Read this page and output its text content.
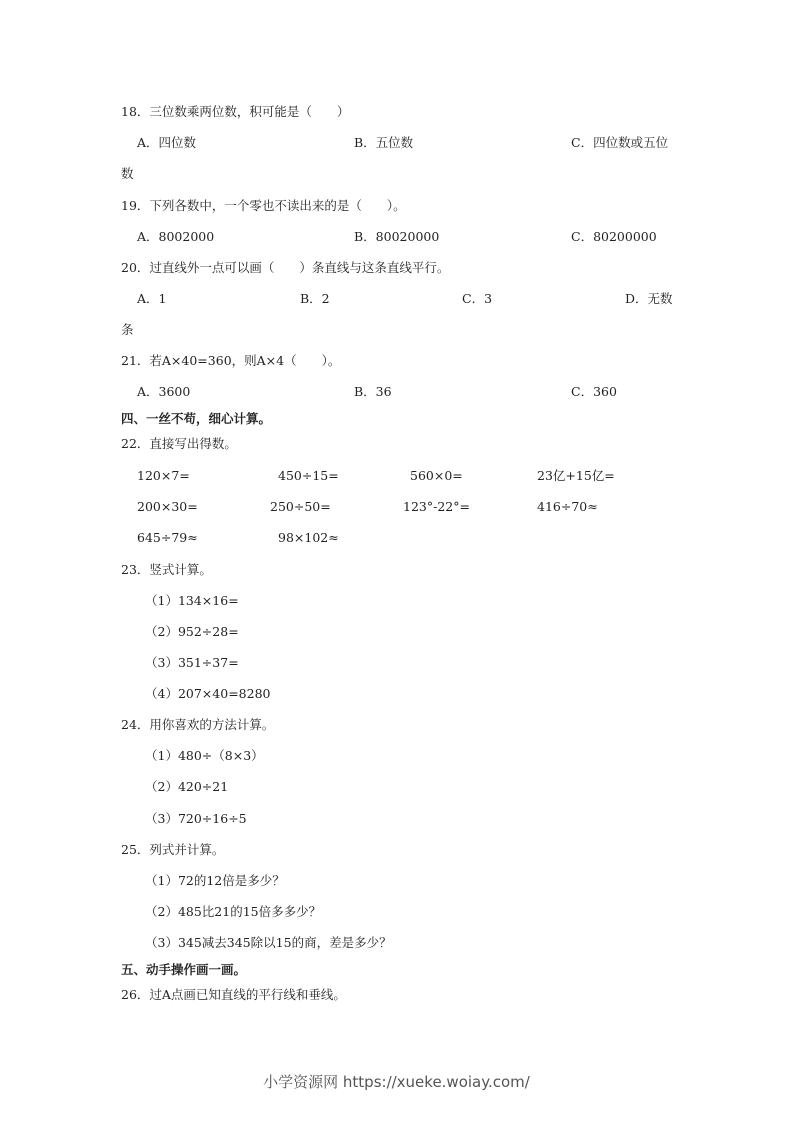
18．三位数乘两位数，积可能是（　　）
A．四位数	B．五位数	C．四位数或五位
数
19．下列各数中，一个零也不读出来的是（　　）。
A．8002000	B．80020000	C．80200000
20．过直线外一点可以画（　　）条直线与这条直线平行。
A．1	B．2	C．3	D．无数
条
21．若A×40=360，则A×4（　　）。
A．3600	B．36	C．360
四、一丝不苟，细心计算。
22．直接写出得数。
120×7=	450÷15=	560×0=	23亿+15亿=
200×30=	250÷50=	123°-22°=	416÷70≈
645÷79≈	98×102≈
23．竖式计算。
（1）134×16=
（2）952÷28=
（3）351÷37=
（4）207×40=8280
24．用你喜欢的方法计算。
（1）480÷（8×3）
（2）420÷21
（3）720÷16÷5
25．列式并计算。
（1）72的12倍是多少？
（2）485比21的15倍多多少？
（3）345减去345除以15的商，差是多少？
五、动手操作画一画。
26．过A点画已知直线的平行线和垂线。
小学资源网 https://xueke.woiay.com/
